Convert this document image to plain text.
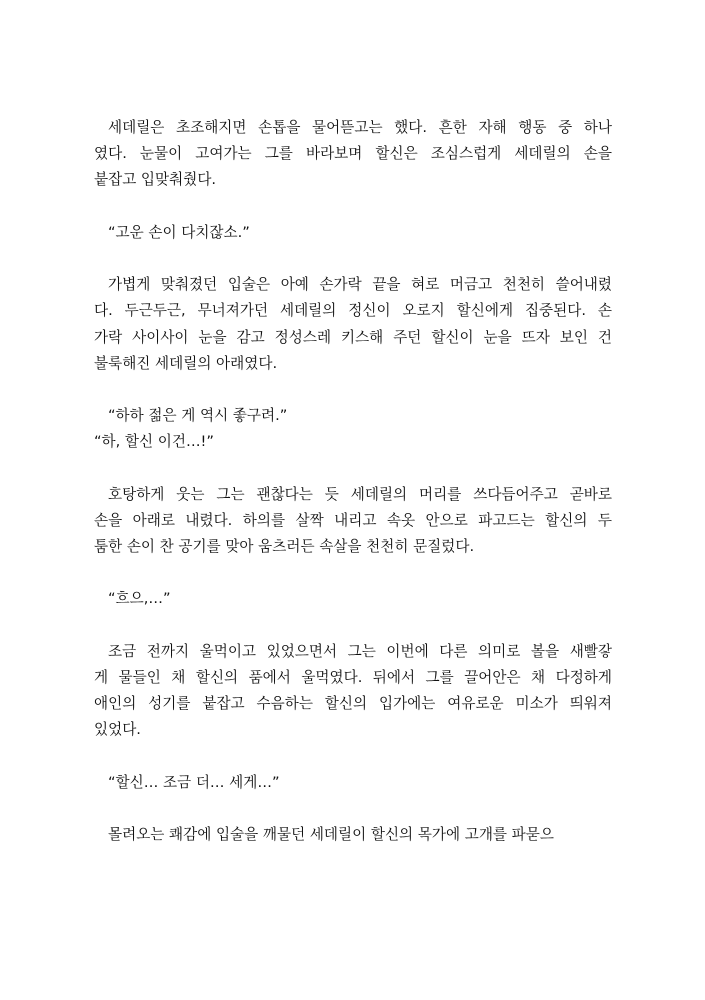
세데릴은 초조해지면 손톱을 물어뜯고는 했다. 흔한 자해 행동 중 하나
였다. 눈물이 고여가는 그를 바라보며 할신은 조심스럽게 세데릴의 손을
붙잡고 입맞춰줬다.
“고운 손이 다치잖소.”
가볍게 맞춰졌던 입술은 아예 손가락 끝을 혀로 머금고 천천히 쓸어내렸
다. 두근두근, 무너져가던 세데릴의 정신이 오로지 할신에게 집중된다. 손
가락 사이사이 눈을 감고 정성스레 키스해 주던 할신이 눈을 뜨자 보인 건
불룩해진 세데릴의 아래였다.
“하하 젊은 게 역시 좋구려.”
“하, 할신 이건…!”
호탕하게 웃는 그는 괜찮다는 듯 세데릴의 머리를 쓰다듬어주고 곧바로
손을 아래로 내렸다. 하의를 살짝 내리고 속옷 안으로 파고드는 할신의 두
툼한 손이 찬 공기를 맞아 움츠러든 속살을 천천히 문질렀다.
“흐으,…”
조금 전까지 울먹이고 있었으면서 그는 이번에 다른 의미로 볼을 새빨갛
게 물들인 채 할신의 품에서 울먹였다. 뒤에서 그를 끌어안은 채 다정하게
애인의 성기를 붙잡고 수음하는 할신의 입가에는 여유로운 미소가 띄워져
있었다.
“할신… 조금 더… 세게…”
몰려오는 쾌감에 입술을 깨물던 세데릴이 할신의 목가에 고개를 파묻으
